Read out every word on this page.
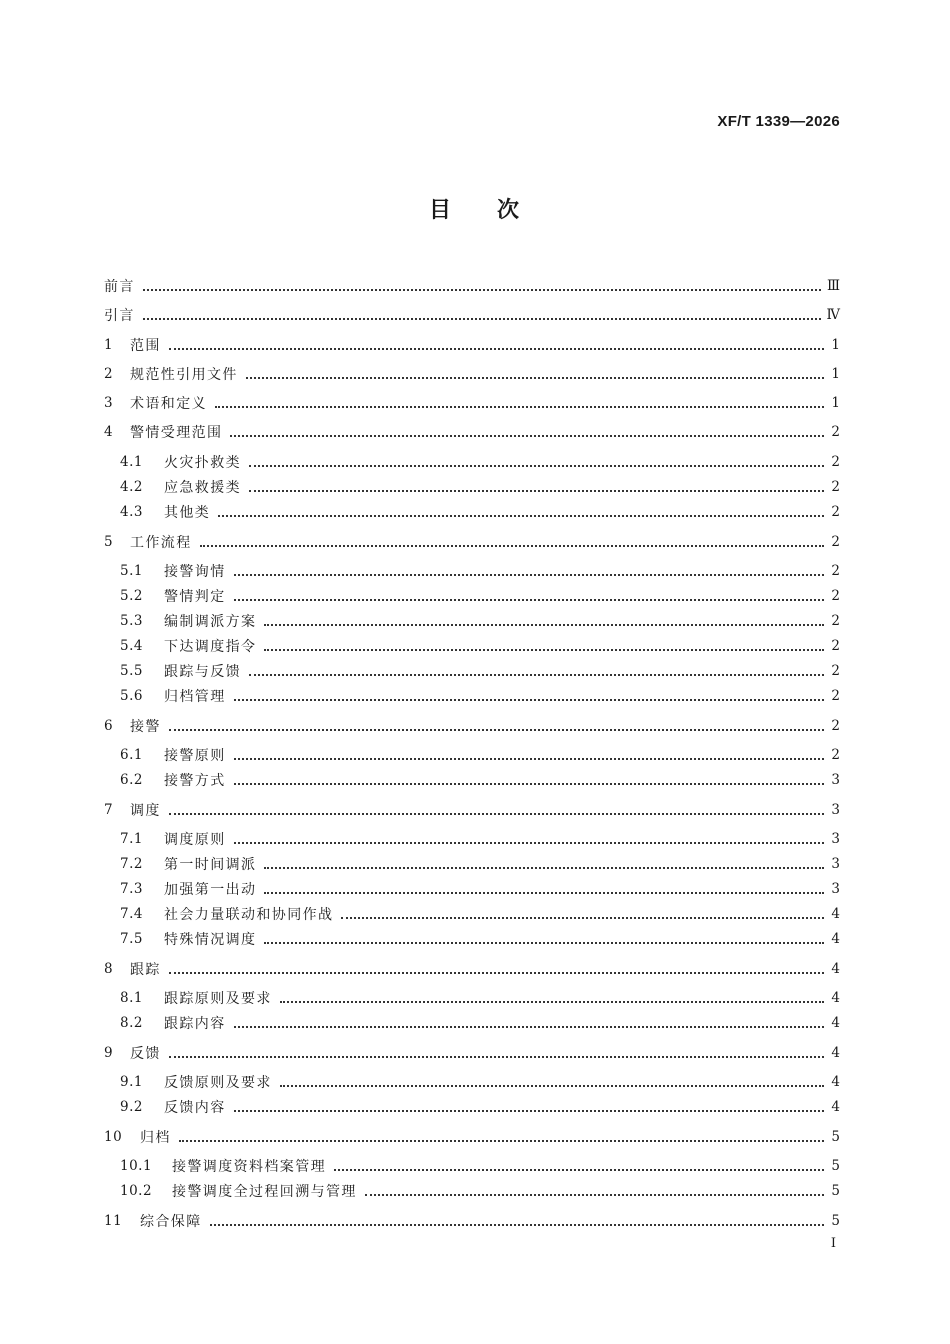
XF/T 1339—2026
目 次
前言	Ⅲ
引言	Ⅳ
1	范围	1
2	规范性引用文件	1
3	术语和定义	1
4	警情受理范围	2
4.1	火灾扑救类	2
4.2	应急救援类	2
4.3	其他类	2
5	工作流程	2
5.1	接警询情	2
5.2	警情判定	2
5.3	编制调派方案	2
5.4	下达调度指令	2
5.5	跟踪与反馈	2
5.6	归档管理	2
6	接警	2
6.1	接警原则	2
6.2	接警方式	3
7	调度	3
7.1	调度原则	3
7.2	第一时间调派	3
7.3	加强第一出动	3
7.4	社会力量联动和协同作战	4
7.5	特殊情况调度	4
8	跟踪	4
8.1	跟踪原则及要求	4
8.2	跟踪内容	4
9	反馈	4
9.1	反馈原则及要求	4
9.2	反馈内容	4
10	归档	5
10.1	接警调度资料档案管理	5
10.2	接警调度全过程回溯与管理	5
11	综合保障	5
I
